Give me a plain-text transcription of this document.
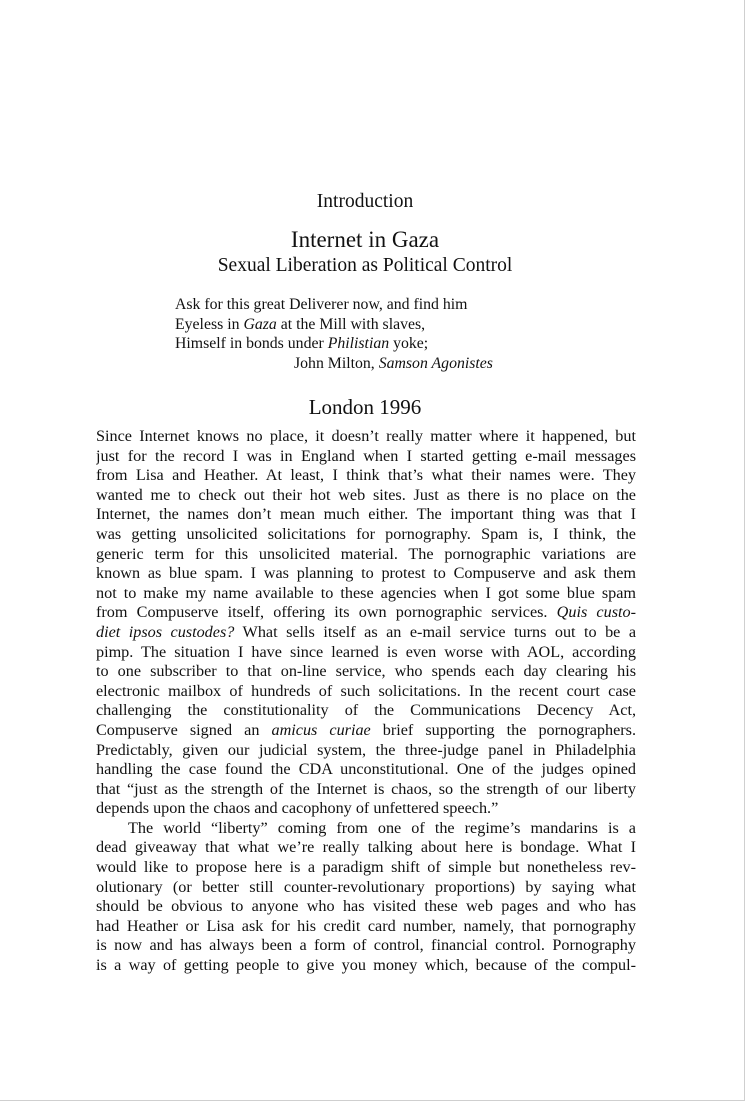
Introduction
Internet in Gaza
Sexual Liberation as Political Control
Ask for this great Deliverer now, and find him
Eyeless in Gaza at the Mill with slaves,
Himself in bonds under Philistian yoke;
John Milton, Samson Agonistes
London 1996
Since Internet knows no place, it doesn’t really matter where it happened, but
just for the record I was in England when I started getting e-mail messages
from Lisa and Heather. At least, I think that’s what their names were. They
wanted me to check out their hot web sites. Just as there is no place on the
Internet, the names don’t mean much either. The important thing was that I
was getting unsolicited solicitations for pornography. Spam is, I think, the
generic term for this unsolicited material. The pornographic variations are
known as blue spam. I was planning to protest to Compuserve and ask them
not to make my name available to these agencies when I got some blue spam
from Compuserve itself, offering its own pornographic services. Quis custo-
diet ipsos custodes? What sells itself as an e-mail service turns out to be a
pimp. The situation I have since learned is even worse with AOL, according
to one subscriber to that on-line service, who spends each day clearing his
electronic mailbox of hundreds of such solicitations. In the recent court case
challenging the constitutionality of the Communications Decency Act,
Compuserve signed an amicus curiae brief supporting the pornographers.
Predictably, given our judicial system, the three-judge panel in Philadelphia
handling the case found the CDA unconstitutional. One of the judges opined
that “just as the strength of the Internet is chaos, so the strength of our liberty
depends upon the chaos and cacophony of unfettered speech.”
The world “liberty” coming from one of the regime’s mandarins is a
dead giveaway that what we’re really talking about here is bondage. What I
would like to propose here is a paradigm shift of simple but nonetheless rev-
olutionary (or better still counter-revolutionary proportions) by saying what
should be obvious to anyone who has visited these web pages and who has
had Heather or Lisa ask for his credit card number, namely, that pornography
is now and has always been a form of control, financial control. Pornography
is a way of getting people to give you money which, because of the compul-
